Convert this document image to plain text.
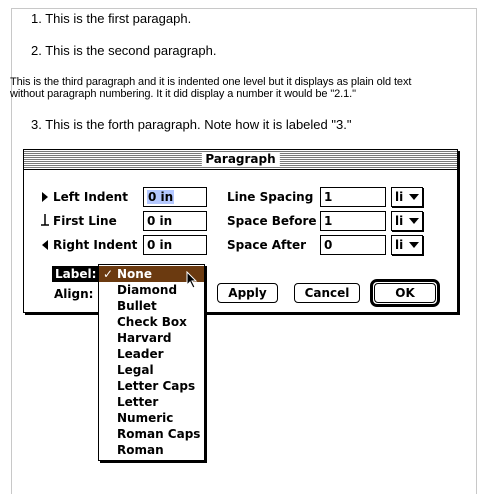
1. This is the first paragaph.
2. This is the second paragraph.
This is the third paragraph and it is indented one level but it displays as plain old text
without paragraph numbering. It it did display a number it would be "2.1."
3. This is the forth paragraph. Note how it is labeled "3."
Paragraph
Left Indent	0 in
First Line	0 in
Right Indent 0 in
Line Spacing 1	li
Space Before 1	li
Space After	0	li
Label:
Align:	Apply	Cancel	OK
✓ None
Diamond
Bullet
Check Box
Harvard
Leader
Legal
Letter Caps
Letter
Numeric
Roman Caps
Roman
